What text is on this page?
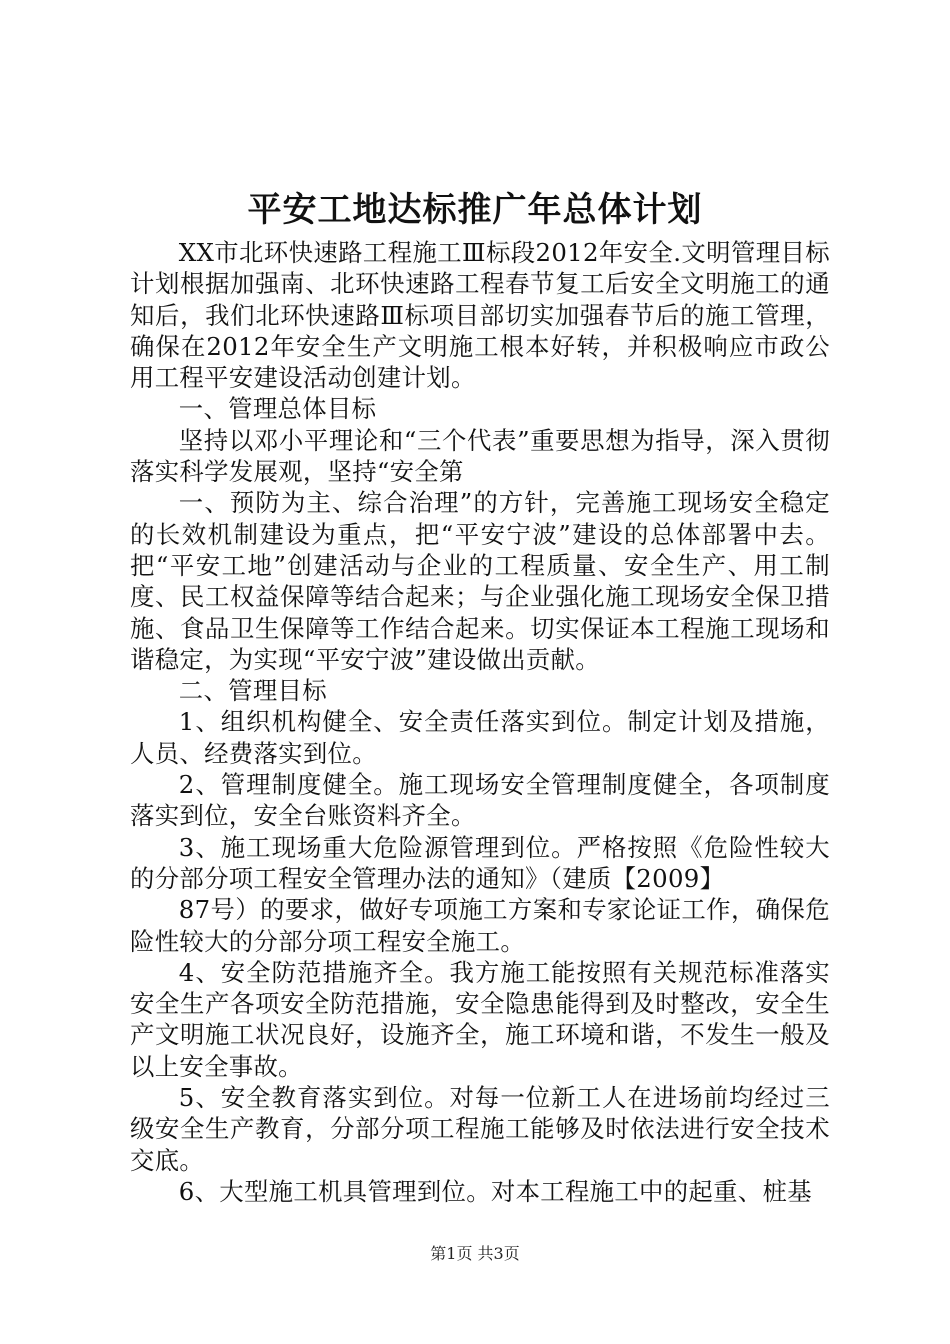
平安工地达标推广年总体计划

XX市北环快速路工程施工Ⅲ标段2012年安全.文明管理目标计划根据加强南、北环快速路工程春节复工后安全文明施工的通知后，我们北环快速路Ⅲ标项目部切实加强春节后的施工管理，确保在2012年安全生产文明施工根本好转，并积极响应市政公用工程平安建设活动创建计划。

一、管理总体目标

坚持以邓小平理论和“三个代表”重要思想为指导，深入贯彻落实科学发展观，坚持“安全第

一、预防为主、综合治理”的方针，完善施工现场安全稳定的长效机制建设为重点，把“平安宁波”建设的总体部署中去。把“平安工地”创建活动与企业的工程质量、安全生产、用工制度、民工权益保障等结合起来；与企业强化施工现场安全保卫措施、食品卫生保障等工作结合起来。切实保证本工程施工现场和谐稳定，为实现“平安宁波”建设做出贡献。

二、管理目标

1、组织机构健全、安全责任落实到位。制定计划及措施，人员、经费落实到位。

2、管理制度健全。施工现场安全管理制度健全，各项制度落实到位，安全台账资料齐全。

3、施工现场重大危险源管理到位。严格按照《危险性较大的分部分项工程安全管理办法的通知》（建质【2009】

87号）的要求，做好专项施工方案和专家论证工作，确保危险性较大的分部分项工程安全施工。

4、安全防范措施齐全。我方施工能按照有关规范标准落实安全生产各项安全防范措施，安全隐患能得到及时整改，安全生产文明施工状况良好，设施齐全，施工环境和谐，不发生一般及以上安全事故。

5、安全教育落实到位。对每一位新工人在进场前均经过三级安全生产教育，分部分项工程施工能够及时依法进行安全技术交底。

6、大型施工机具管理到位。对本工程施工中的起重、桩基

第1页 共3页
